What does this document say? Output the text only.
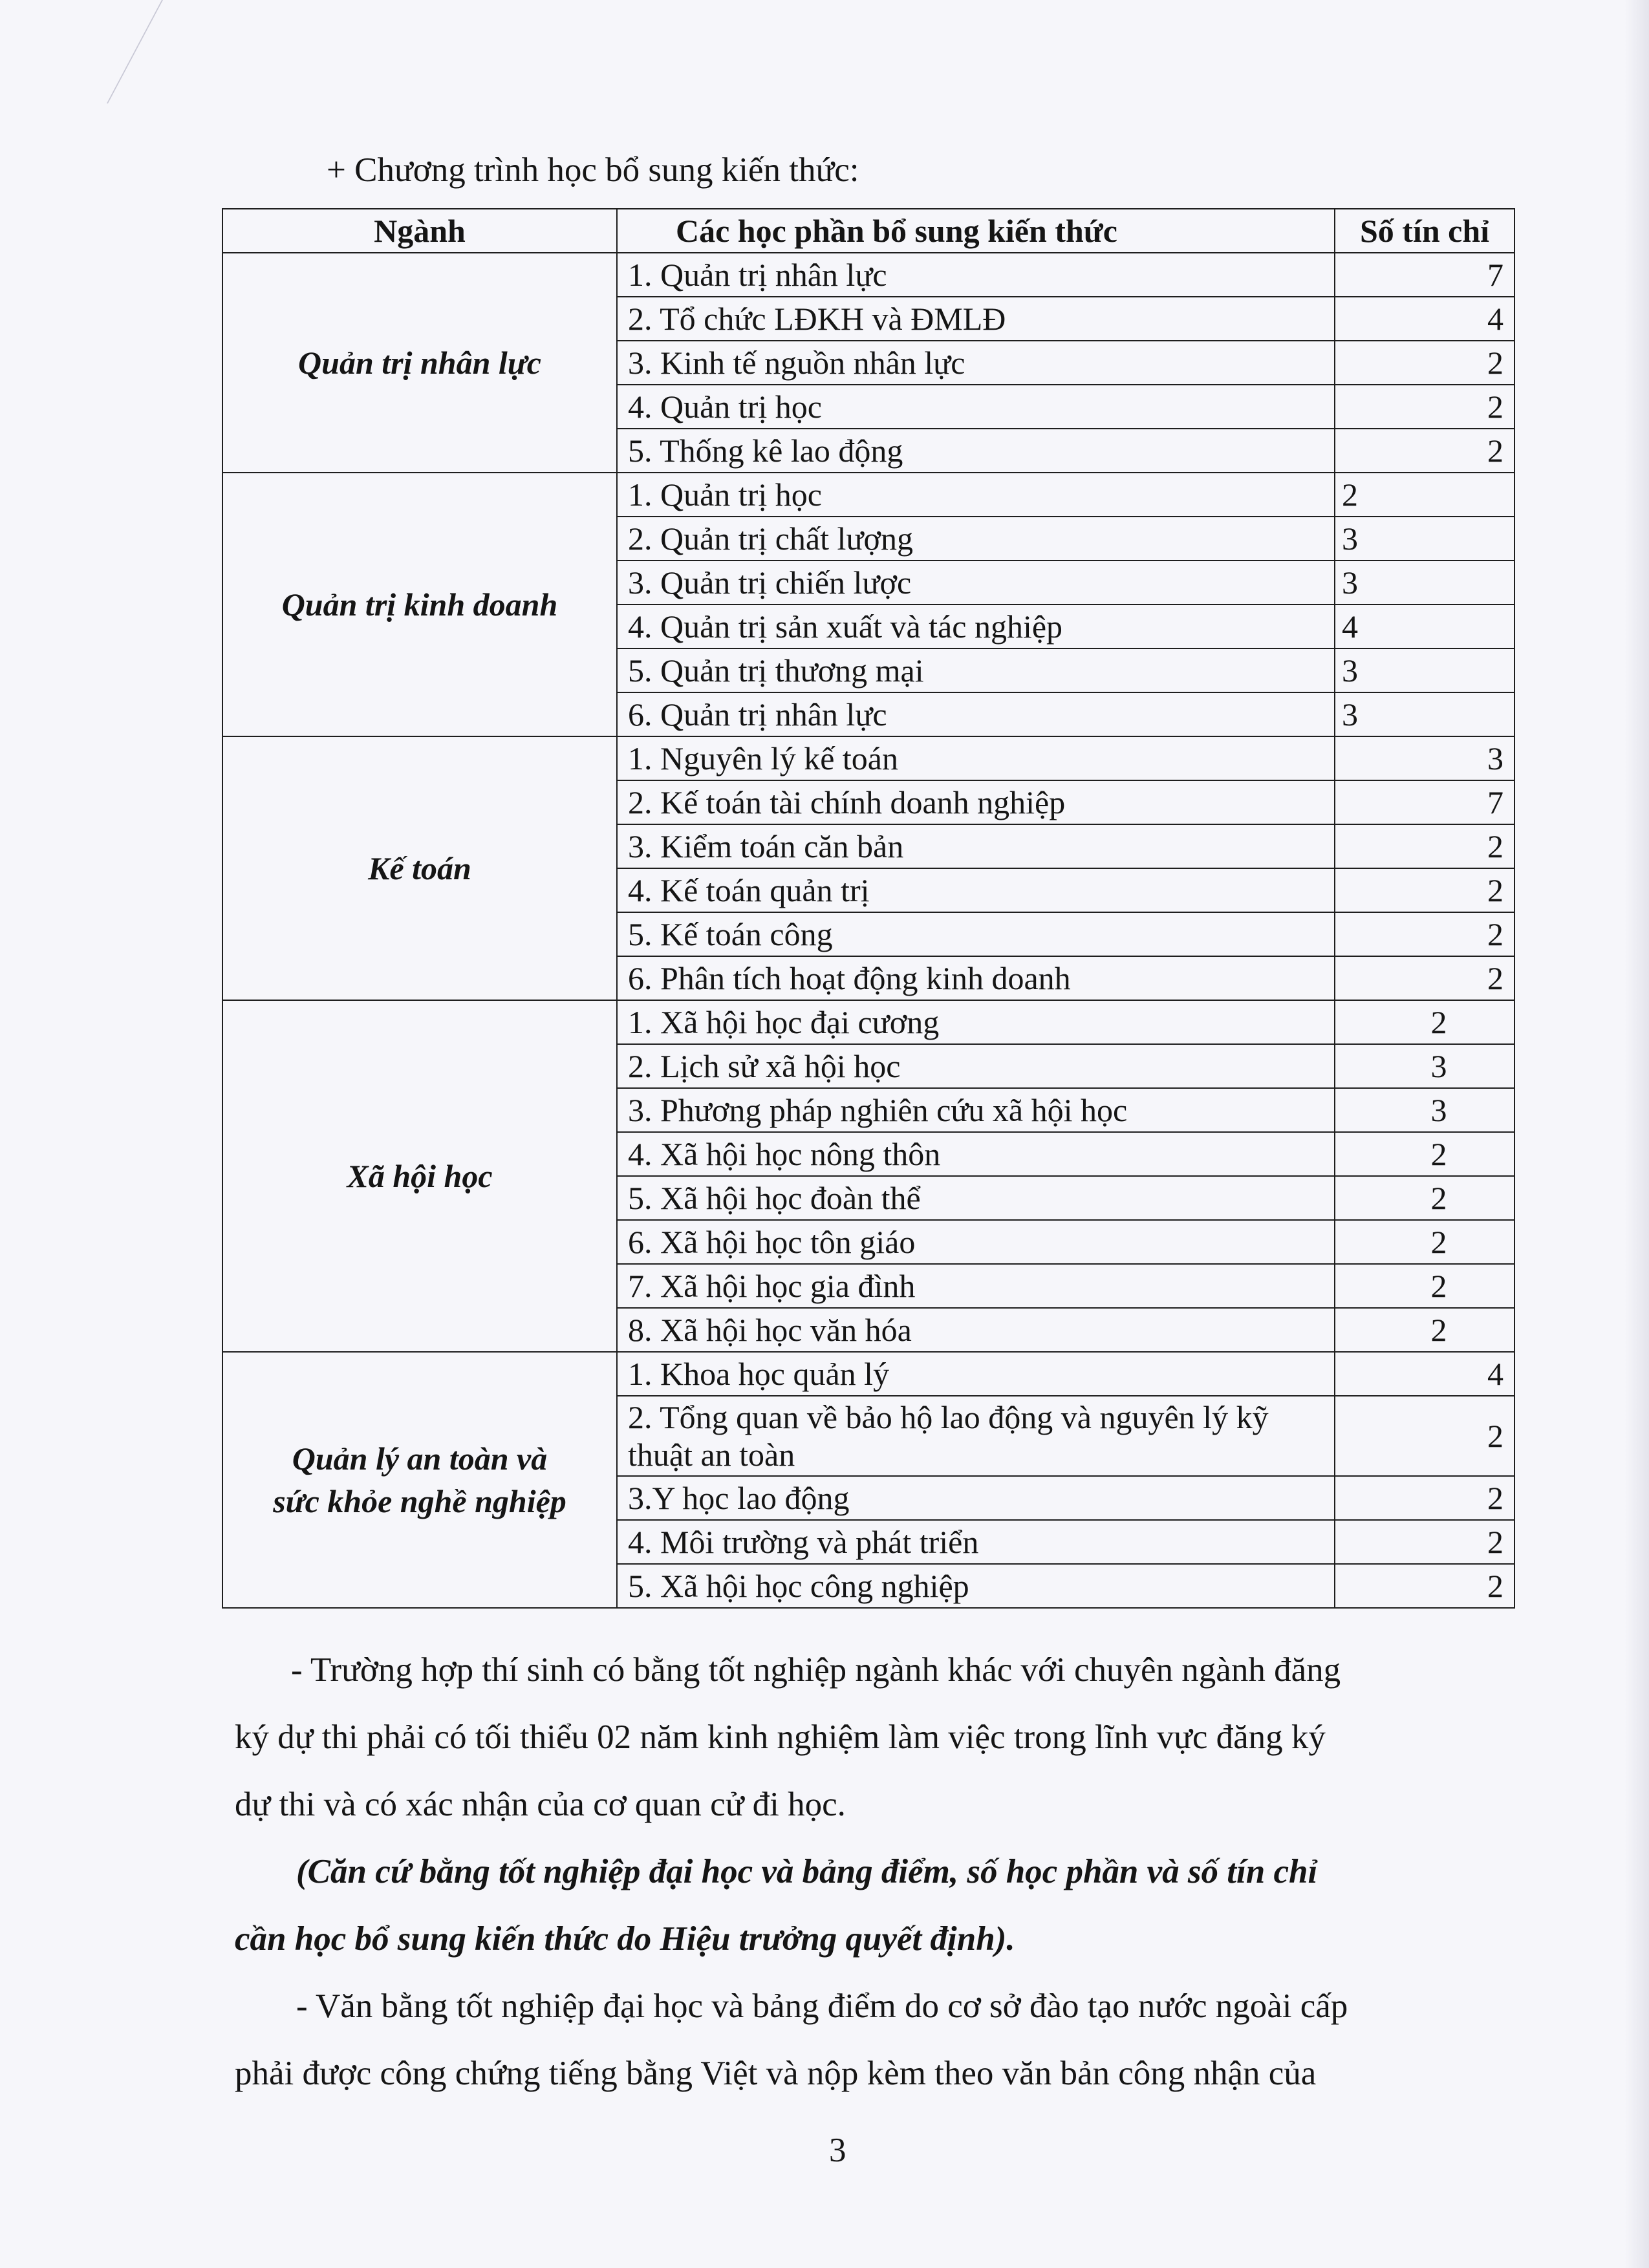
+ Chương trình học bổ sung kiến thức:
Ngành	Các học phần bổ sung kiến thức	Số tín chỉ
Quản trị nhân lực	1. Quản trị nhân lực	7
	2. Tổ chức LĐKH và ĐMLĐ	4
	3. Kinh tế nguồn nhân lực	2
	4. Quản trị học	2
	5. Thống kê lao động	2
Quản trị kinh doanh	1. Quản trị học	2
	2. Quản trị chất lượng	3
	3. Quản trị chiến lược	3
	4. Quản trị sản xuất và tác nghiệp	4
	5. Quản trị thương mại	3
	6. Quản trị nhân lực	3
Kế toán	1. Nguyên lý kế toán	3
	2. Kế toán tài chính doanh nghiệp	7
	3. Kiểm toán căn bản	2
	4. Kế toán quản trị	2
	5. Kế toán công	2
	6. Phân tích hoạt động kinh doanh	2
Xã hội học	1. Xã hội học đại cương	2
	2. Lịch sử xã hội học	3
	3. Phương pháp nghiên cứu xã hội học	3
	4. Xã hội học nông thôn	2
	5. Xã hội học đoàn thể	2
	6. Xã hội học tôn giáo	2
	7. Xã hội học gia đình	2
	8. Xã hội học văn hóa	2

Quản lý an toàn và
sức khỏe nghề nghiệp	1. Khoa học quản lý	4
	2. Tổng quan về bảo hộ lao động và nguyên lý kỹ thuật an toàn	2
	3.Y học lao động	2
	4. Môi trường và phát triển	2
	5. Xã hội học công nghiệp	2
- Trường hợp thí sinh có bằng tốt nghiệp ngành khác với chuyên ngành đăng
ký dự thi phải có tối thiểu 02 năm kinh nghiệm làm việc trong lĩnh vực đăng ký
dự thi và có xác nhận của cơ quan cử đi học.
(Căn cứ bằng tốt nghiệp đại học và bảng điểm, số học phần và số tín chỉ
cần học bổ sung kiến thức do Hiệu trưởng quyết định).
- Văn bằng tốt nghiệp đại học và bảng điểm do cơ sở đào tạo nước ngoài cấp
phải được công chứng tiếng bằng Việt và nộp kèm theo văn bản công nhận của
3
